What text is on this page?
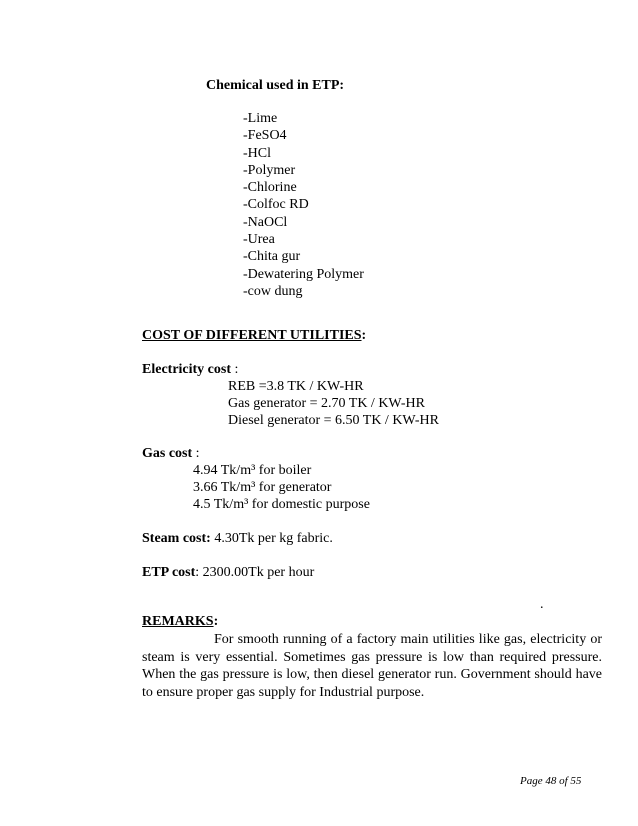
Chemical used in ETP:
-Lime
-FeSO4
-HCl
-Polymer
-Chlorine
-Colfoc RD
-NaOCl
-Urea
-Chita gur
-Dewatering Polymer
-cow dung
COST OF DIFFERENT UTILITIES:
Electricity cost :
REB =3.8 TK / KW-HR
Gas generator = 2.70 TK / KW-HR
Diesel generator = 6.50 TK / KW-HR
Gas cost :
4.94 Tk/m³ for boiler
3.66 Tk/m³ for generator
4.5 Tk/m³ for domestic purpose
Steam cost: 4.30Tk per kg fabric.
ETP cost: 2300.00Tk per hour
.
REMARKS:
For smooth running of a factory main utilities like gas, electricity or steam is very essential. Sometimes gas pressure is low than required pressure. When the gas pressure is low, then diesel generator run. Government should have to ensure proper gas supply for Industrial purpose.
Page 48 of 55
